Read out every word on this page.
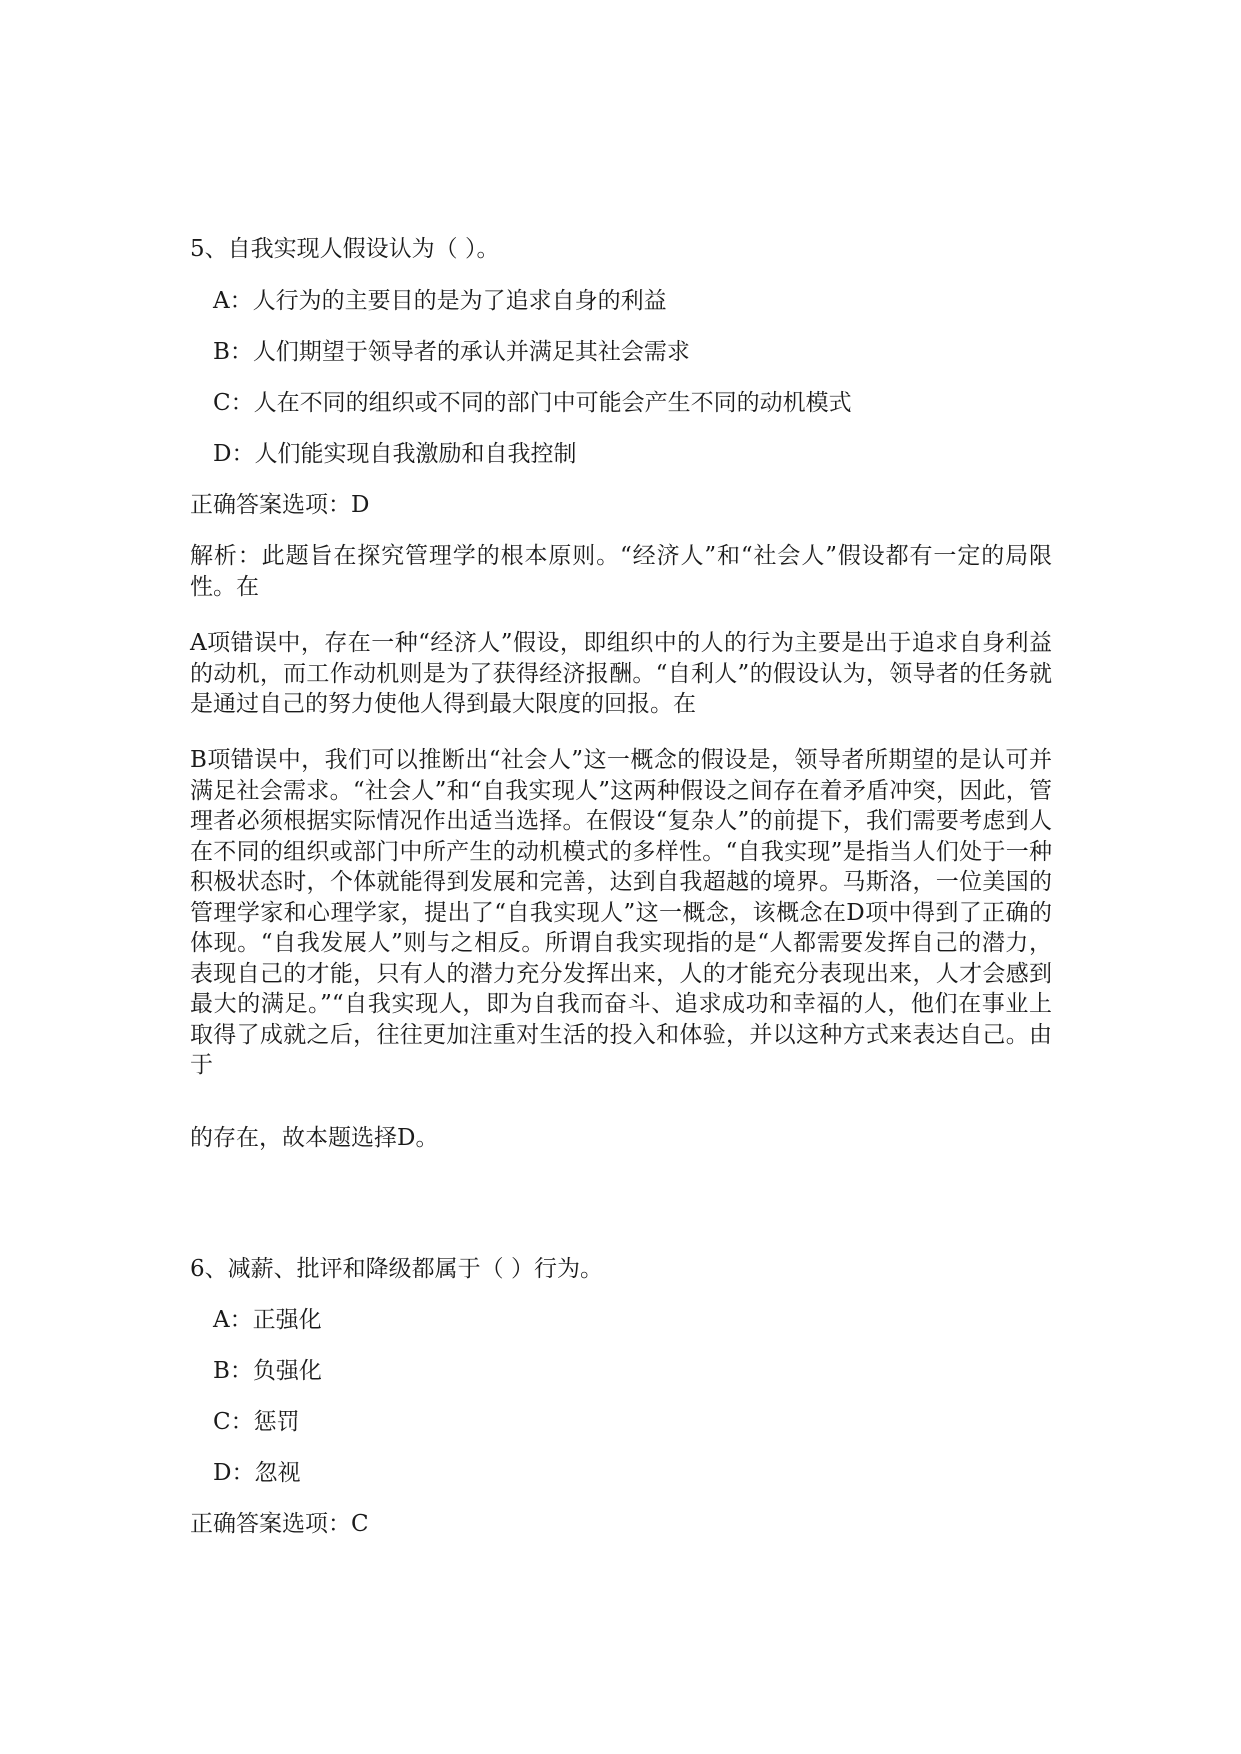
5、自我实现人假设认为（ ）。
A：人行为的主要目的是为了追求自身的利益
B：人们期望于领导者的承认并满足其社会需求
C：人在不同的组织或不同的部门中可能会产生不同的动机模式
D：人们能实现自我激励和自我控制
正确答案选项：D
解析：此题旨在探究管理学的根本原则。“经济人”和“社会人”假设都有一定的局限性。在
A项错误中，存在一种“经济人”假设，即组织中的人的行为主要是出于追求自身利益的动机，而工作动机则是为了获得经济报酬。“自利人”的假设认为，领导者的任务就是通过自己的努力使他人得到最大限度的回报。在
B项错误中，我们可以推断出“社会人”这一概念的假设是，领导者所期望的是认可并满足社会需求。“社会人”和“自我实现人”这两种假设之间存在着矛盾冲突，因此，管理者必须根据实际情况作出适当选择。在假设“复杂人”的前提下，我们需要考虑到人在不同的组织或部门中所产生的动机模式的多样性。“自我实现”是指当人们处于一种积极状态时，个体就能得到发展和完善，达到自我超越的境界。马斯洛，一位美国的管理学家和心理学家，提出了“自我实现人”这一概念，该概念在D项中得到了正确的体现。“自我发展人”则与之相反。所谓自我实现指的是“人都需要发挥自己的潜力，表现自己的才能，只有人的潜力充分发挥出来，人的才能充分表现出来，人才会感到最大的满足。”“自我实现人，即为自我而奋斗、追求成功和幸福的人，他们在事业上取得了成就之后，往往更加注重对生活的投入和体验，并以这种方式来表达自己。由于
的存在，故本题选择D。
6、减薪、批评和降级都属于（ ）行为。
A：正强化
B：负强化
C：惩罚
D：忽视
正确答案选项：C
